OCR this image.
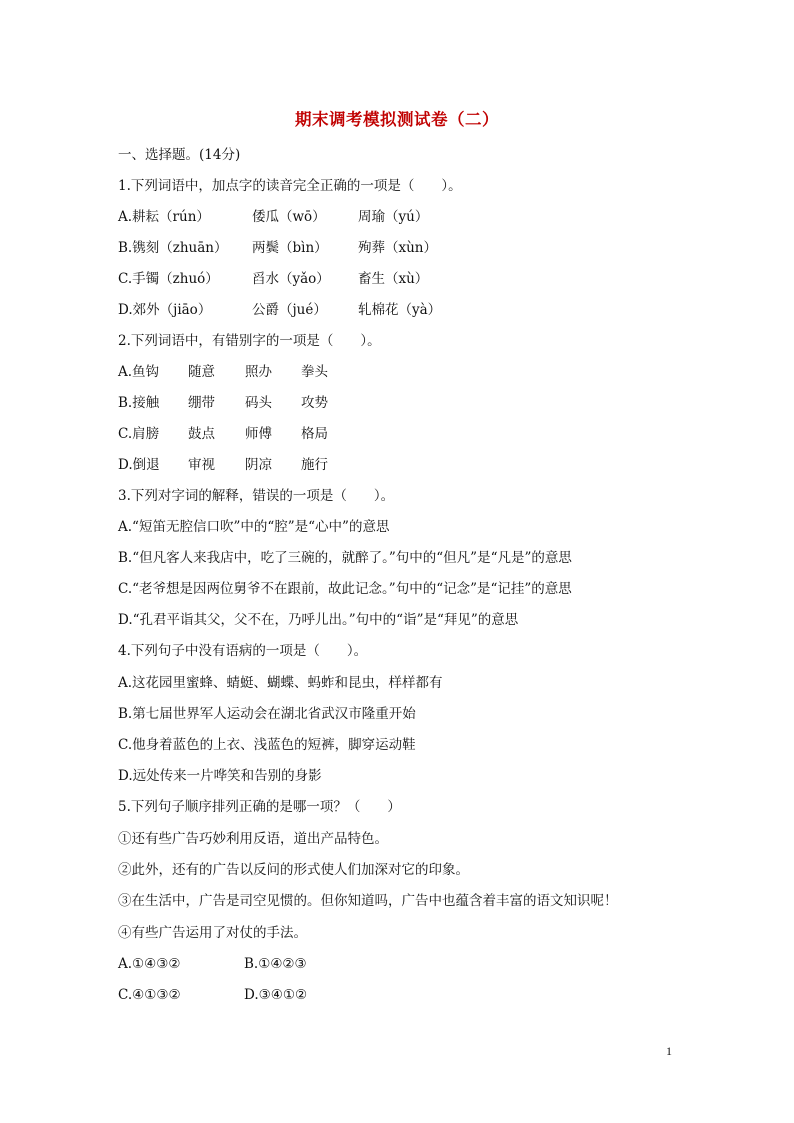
期末调考模拟测试卷（二）
一、选择题。(14分)
1.下列词语中，加点字的读音完全正确的一项是（　　）。
A.耕耘（rún）	倭瓜（wō） 周瑜（yú）
B.镌刻（zhuān） 两鬓（bìn） 殉葬（xùn）
C.手镯（zhuó） 舀水（yǎo） 畜生（xù）
D.郊外（jiāo）	公爵（jué） 轧棉花（yà）
2.下列词语中，有错别字的一项是（　　）。
A.鱼钩 随意 照办 拳头
B.接触 绷带 码头 攻势
C.肩膀 鼓点 师傅 格局
D.倒退 审视 阴凉 施行
3.下列对字词的解释，错误的一项是（　　）。
A.“短笛无腔信口吹”中的“腔”是“心中”的意思
B.“但凡客人来我店中，吃了三碗的，就醉了。”句中的“但凡”是“凡是”的意思
C.“老爷想是因两位舅爷不在跟前，故此记念。”句中的“记念”是“记挂”的意思
D.“孔君平诣其父，父不在，乃呼儿出。”句中的“诣”是“拜见”的意思
4.下列句子中没有语病的一项是（　　）。
A.这花园里蜜蜂、蜻蜓、蝴蝶、蚂蚱和昆虫，样样都有
B.第七届世界军人运动会在湖北省武汉市隆重开始
C.他身着蓝色的上衣、浅蓝色的短裤，脚穿运动鞋
D.远处传来一片哗笑和告别的身影
5.下列句子顺序排列正确的是哪一项？（　　）
①还有些广告巧妙利用反语，道出产品特色。
②此外，还有的广告以反问的形式使人们加深对它的印象。
③在生活中，广告是司空见惯的。但你知道吗，广告中也蕴含着丰富的语文知识呢！
④有些广告运用了对仗的手法。
A.①④③②	B.①④②③
C.④①③②	D.③④①②
1
